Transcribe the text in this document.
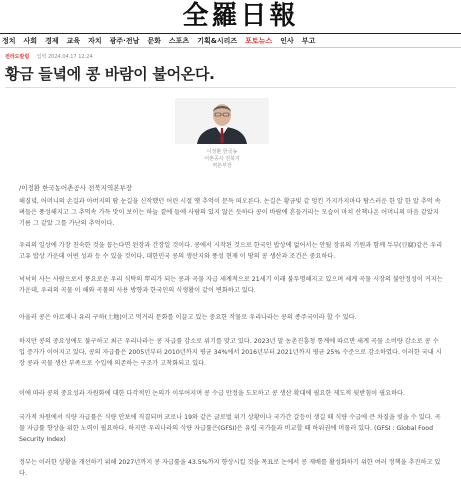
全羅日報
정치 사회 경제 교육 자치 광주·전남 문화 스포츠 기획&시리즈 포토뉴스 인사 부고
전라도칼럼 입력 2024.04.17 12:24
황금 들녘에 콩 바람이 불어온다.
이정환 한국농
어촌공사 전북지
역본부장
/이정환 한국농어촌공사 전북지역본부장
해질녘, 어머니의 손길과 아버지의 땀 눈길을 신작했던 어린 시절 옛 추억이 문득 떠오른다. 논길은 황금빛 같 엉킨 가지가지마다 탐스러운 한 알 한 알 추억 속 벼들은 풍성해지고 그 추억속 가득 맛이 보이는 하늘 곁에 들에 사람의 있지 않은 듯하다 콩이 바람에 흔들거리는 모습이 마치 산책나온 어머니의 마음 같았지 기름 그 같았 그를 가난의 추억이다.
우리의 일상에 가장 친숙한 것을 꼽는다면 된장과 간장일 것이다. 콩에서 시작된 것으로 한국인 밥상에 없어서는 안될 장류의 기원과 함께 두부(豆腐)같은 우리 고유 밥상 가운데 어떤 성과 등 수 있을 것이다, 대한민국 콩의 생산지와 풍성 현재 이 땅의 콩 생산과 조건은 중요하다.
넉넉히 사는 사람으로서 풍요로운 우리 식탁의 뿌리가 되는 콩과 곡물 자급 세계적으로 21세기 이래 불투명해지고 있으며 세계 곡물 시장의 불안정성이 커지는 가운데, 우리의 곡물 이 해와 곡물의 사용 방향과 한국인의 식생활이 같이 변화하고 있다.
아울러 콩은 아르제나 유리 구하(土地)이고 먹거리 문화를 이끌고 있는 중요한 작물로 우리나라는 콩의 종주국이라 할 수 있다.
하지만 콩의 중요성에도 불구하고 최근 우리나라는 콩 자급률 감소로 위기를 맞고 있다. 2023년 말 농촌진흥청 통계에 따르면 세계 곡물 소비량 감소로 콩 수입 증가가 이어지고 있다, 콩의 자급률은 2005년부터 2010년까지 평균 34%에서 2016년부터 2021년까지 평균 25% 수준으로 감소하였다. 이러한 국내 시장 콩과 곡물 생산 부족으로 수입에 의존하는 구조가 고착화되고 있다.
이에 따라 콩의 중요성과 자원화에 대한 다각적인 논의가 이루어지며 콩 수급 안정을 도모하고 콩 생산 확대에 필요한 제도적 뒷받침이 필요하다.
국가적 차원에서 식량 자급률은 식량 안보에 직결되며 코로나 19와 같은 글로벌 위기 상황이나 국가간 갈등이 생길 때 식량 수급에 큰 차질을 빚을 수 있다. 곡물 자급률 향상을 위한 노력이 필요하다. 하지만 우리나라의 식량 자급률은(GFSI)은 유럽 국가들과 비교할 때 하위권에 머물러 있다. (GFSI : Global Food Security Index)
정부는 이러한 상황을 개선하기 위해 2027년까지 콩 자급률을 43.5%까지 향상시킬 것을 목표로 논에서 콩 재배를 활성화하기 위한 여러 정책을 추진하고 있다.
